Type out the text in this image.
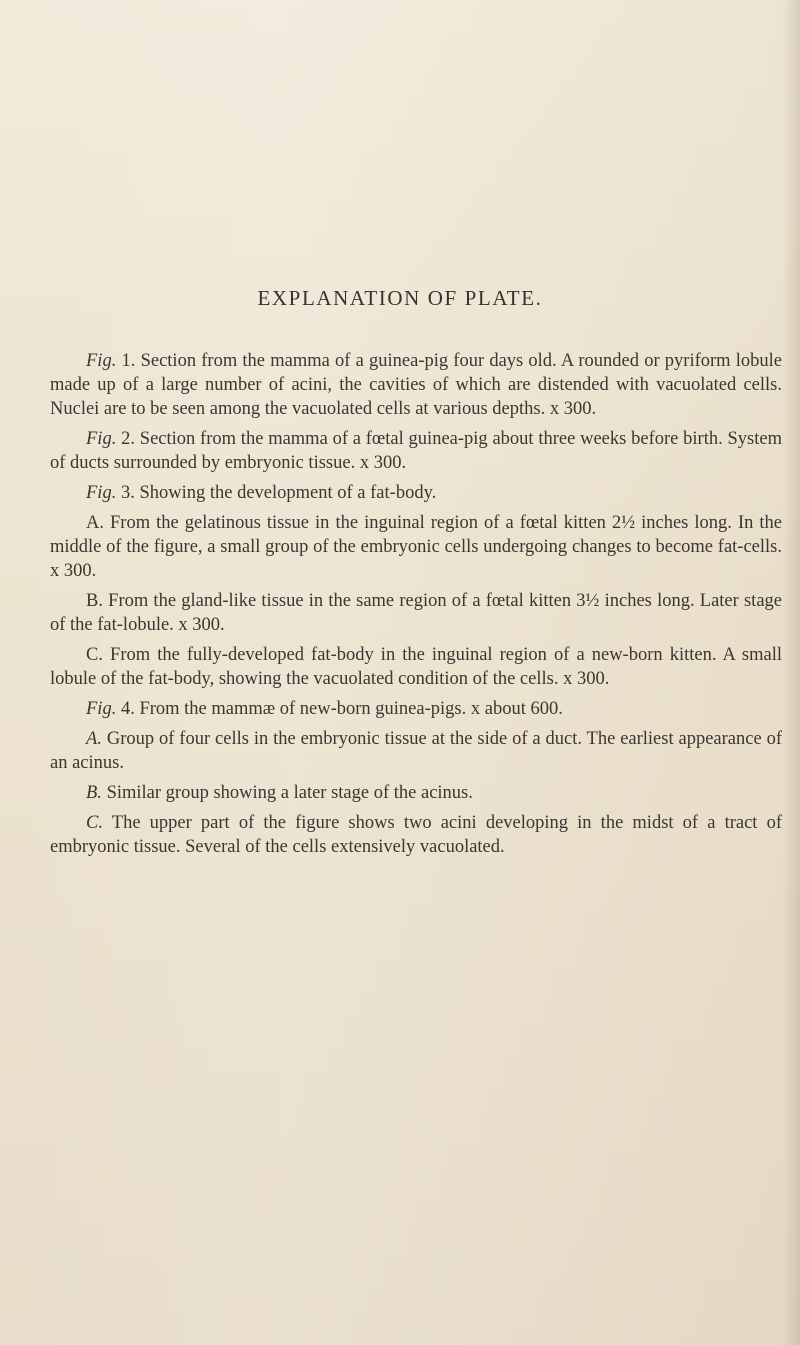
EXPLANATION OF PLATE.

Fig. 1. Section from the mamma of a guinea-pig four days old. A rounded or pyriform lobule made up of a large number of acini, the cavities of which are distended with vacuolated cells. Nuclei are to be seen among the vacuolated cells at various depths. x 300.

Fig. 2. Section from the mamma of a fœtal guinea-pig about three weeks before birth. System of ducts surrounded by embryonic tissue. x 300.

Fig. 3. Showing the development of a fat-body.

A. From the gelatinous tissue in the inguinal region of a fœtal kitten 2½ inches long. In the middle of the figure, a small group of the embryonic cells undergoing changes to become fat-cells. x 300.

B. From the gland-like tissue in the same region of a fœtal kitten 3½ inches long. Later stage of the fat-lobule. x 300.

C. From the fully-developed fat-body in the inguinal region of a new-born kitten. A small lobule of the fat-body, showing the vacuolated condition of the cells. x 300.

Fig. 4. From the mammæ of new-born guinea-pigs. x about 600.

A. Group of four cells in the embryonic tissue at the side of a duct. The earliest appearance of an acinus.

B. Similar group showing a later stage of the acinus.

C. The upper part of the figure shows two acini developing in the midst of a tract of embryonic tissue. Several of the cells extensively vacuolated.
